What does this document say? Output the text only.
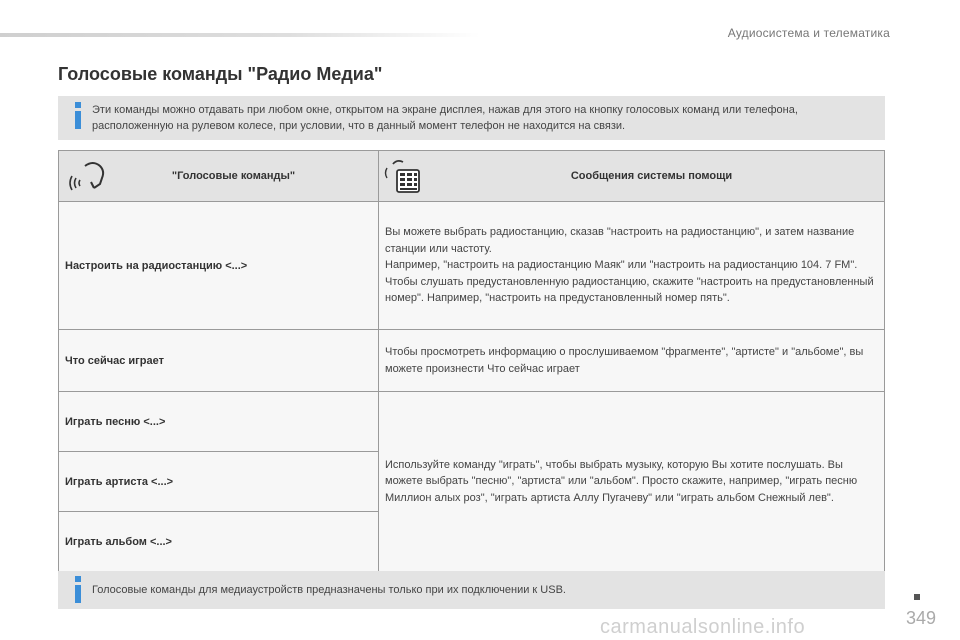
Аудиосистема и телематика
Голосовые команды "Радио Медиа"
Эти команды можно отдавать при любом окне, открытом на экране дисплея, нажав для этого на кнопку голосовых команд или телефона, расположенную на рулевом колесе, при условии, что в данный момент телефон не находится на связи.
"Голосовые команды"	Сообщения системы помощи

Настроить на радиостанцию <...>	Вы можете выбрать радиостанцию, сказав "настроить на радиостанцию", и затем название станции или частоту.
Например, "настроить на радиостанцию Маяк" или "настроить на радиостанцию 104. 7 FM".
Чтобы слушать предустановленную радиостанцию, скажите "настроить на предустановленный номер". Например, "настроить на предустановленный номер пять".
Что сейчас играет	Чтобы просмотреть информацию о прослушиваемом "фрагменте", "артисте" и "альбоме", вы можете произнести Что сейчас играет
Играть песню <...>	Используйте команду "играть", чтобы выбрать музыку, которую Вы хотите послушать. Вы можете выбрать "песню", "артиста" или "альбом". Просто скажите, например, "играть песню Миллион алых роз", "играть артиста Аллу Пугачеву" или "играть альбом Снежный лев".
Играть артиста <...>	
Играть альбом <...>	
Голосовые команды для медиаустройств предназначены только при их подключении к USB.
349
carmanualsonline.info
